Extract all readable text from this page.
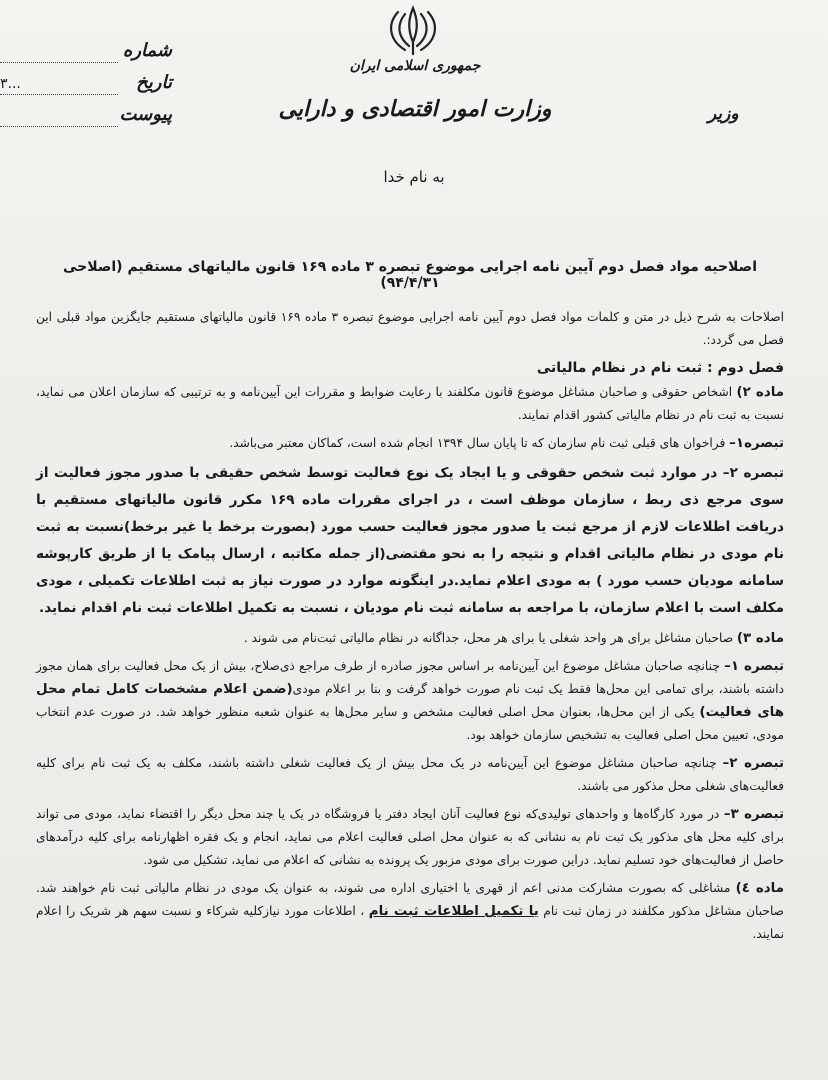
جمهوری اسلامی ایران
وزارت امور اقتصادی و دارایی	وزیر
شماره
۳...	تاریخ
پیوست
به نام خدا
اصلاحیه مواد فصل دوم آیین نامه اجرایی موضوع تبصره ۳ ماده ۱۶۹ قانون مالیاتهای مستقیم (اصلاحی ۹۴/۴/۳۱)

اصلاحات به شرح ذیل در متن و کلمات مواد فصل دوم آیین نامه اجرایی موضوع تبصره ۳ ماده ۱۶۹ قانون مالیاتهای مستقیم جایگزین مواد قبلی این فصل می گردد:.

فصل دوم : ثبت نام در نظام مالیاتی

ماده ۲) اشخاص حقوقی و صاحبان مشاغل موضوع قانون مکلفند با رعایت ضوابط و مقررات این آیین‌نامه و به ترتیبی که سازمان اعلان می نماید، نسبت به ثبت نام در نظام مالیاتی کشور اقدام نمایند.

تبصره۱– فراخوان های قبلی ثبت نام سازمان که تا پایان سال ۱۳۹۴ انجام شده است، کماکان معتبر می‌باشد.

تبصره ۲– در موارد ثبت شخص حقوقی و یا ایجاد یک نوع فعالیت توسط شخص حقیقی با صدور مجوز فعالیت از سوی مرجع ذی ربط ، سازمان موظف است ، در اجرای مقررات ماده ۱۶۹ مکرر قانون مالیاتهای مستقیم با دریافت اطلاعات لازم از مرجع ثبت یا صدور مجوز فعالیت حسب مورد (بصورت برخط یا غیر برخط)نسبت به ثبت نام مودی در نظام مالیاتی اقدام و نتیجه را به نحو مقتضی(از جمله مکاتبه ، ارسال پیامک یا از طریق کارپوشه سامانه مودیان حسب مورد ) به مودی اعلام نماید.در اینگونه موارد در صورت نیاز به ثبت اطلاعات تکمیلی ، مودی مکلف است با اعلام سازمان، با مراجعه به سامانه ثبت نام مودیان ، نسبت به تکمیل اطلاعات ثبت نام اقدام نماید.

ماده ۳) صاحبان مشاغل برای هر واحد شغلی یا برای هر محل، جداگانه در نظام مالیاتی ثبت‌نام می شوند .

تبصره ۱– چنانچه صاحبان مشاغل موضوع این آیین‌نامه بر اساس مجوز صادره از طرف مراجع ذی‌صلاح، بیش از یک محل فعالیت برای همان مجوز داشته باشند، برای تمامی این محل‌ها فقط یک ثبت نام صورت خواهد گرفت و بنا بر اعلام مودی(ضمن اعلام مشخصات کامل تمام محل های فعالیت) یکی از این محل‌ها، بعنوان محل اصلی فعالیت مشخص و سایر محل‌ها به عنوان شعبه منظور خواهد شد. در صورت عدم انتخاب مودی، تعیین محل اصلی فعالیت به تشخیص سازمان خواهد بود.

تبصره ۲– چنانچه صاحبان مشاغل موضوع این آیین‌نامه در یک محل بیش از یک فعالیت شغلی داشته باشند، مکلف به یک ثبت نام برای کلیه فعالیت‌های شغلی محل مذکور می باشند.

تبصره ۳– در مورد کارگاه‌ها و واحدهای تولیدی‌که نوع فعالیت آنان ایجاد دفتر یا فروشگاه در یک یا چند محل دیگر را اقتضاء نماید، مودی می تواند برای کلیه محل های مذکور یک ثبت نام به نشانی که به عنوان محل اصلی فعالیت اعلام می نماید، انجام و یک فقره اظهارنامه برای کلیه درآمدهای حاصل از فعالیت‌های خود تسلیم نماید. دراین صورت برای مودی مزبور یک پرونده به نشانی که اعلام می نماید، تشکیل می شود.

ماده ٤) مشاغلی که بصورت مشارکت مدنی اعم از قهری یا اختیاری اداره می شوند، به عنوان یک مودی در نظام مالیاتی ثبت نام خواهند شد. صاحبان مشاغل مذکور مکلفند در زمان ثبت نام یا تکمیل اطلاعات ثبت نام ، اطلاعات مورد نیازکلیه شرکاء و نسبت سهم هر شریک را اعلام نمایند.
